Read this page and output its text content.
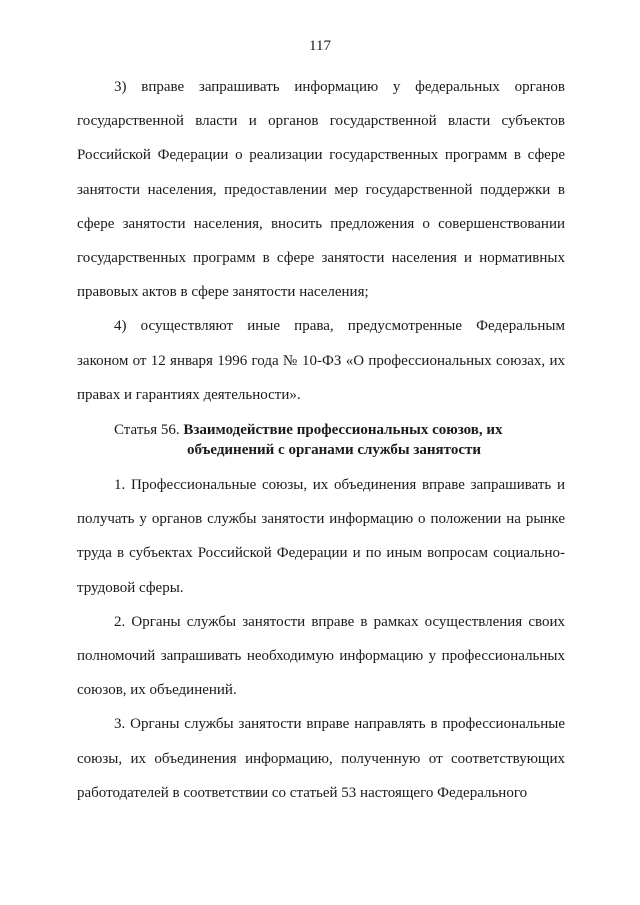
117

3) вправе запрашивать информацию у федеральных органов государственной власти и органов государственной власти субъектов Российской Федерации о реализации государственных программ в сфере занятости населения, предоставлении мер государственной поддержки в сфере занятости населения, вносить предложения о совершенствовании государственных программ в сфере занятости населения и нормативных правовых актов в сфере занятости населения;

4) осуществляют иные права, предусмотренные Федеральным законом от 12 января 1996 года № 10-ФЗ «О профессиональных союзах, их правах и гарантиях деятельности».

Статья 56. Взаимодействие профессиональных союзов, их
объединений с органами службы занятости

1. Профессиональные союзы, их объединения вправе запрашивать и получать у органов службы занятости информацию о положении на рынке труда в субъектах Российской Федерации и по иным вопросам социально-трудовой сферы.

2. Органы службы занятости вправе в рамках осуществления своих полномочий запрашивать необходимую информацию у профессиональных союзов, их объединений.

3. Органы службы занятости вправе направлять в профессиональные союзы, их объединения информацию, полученную от соответствующих работодателей в соответствии со статьей 53 настоящего Федерального
